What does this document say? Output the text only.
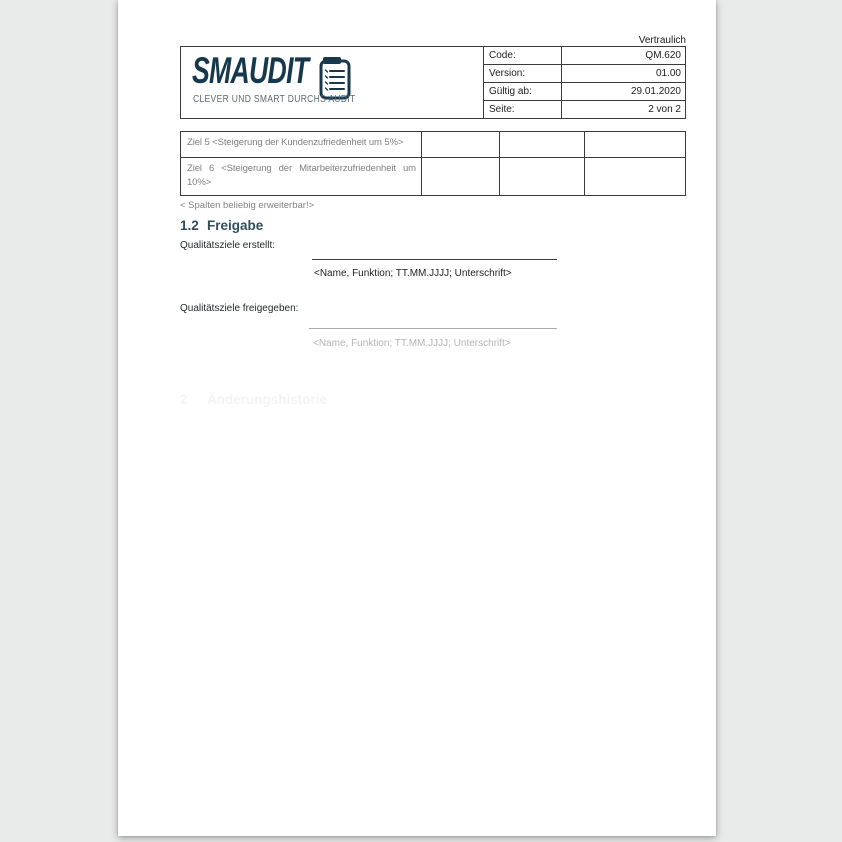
Vertraulich
SMAUDIT
CLEVER UND SMART DURCHS AUDIT
Code:	QM.620
Version:	01.00
Gültig ab:	29.01.2020
Seite:	2 von 2
Ziel 5 <Steigerung der Kundenzufriedenheit um 5%>
Ziel 6 <Steigerung der Mitarbeiterzufriedenheit um 10%>
< Spalten beliebig erweiterbar!>
1.2 Freigabe
Qualitätsziele erstellt:
<Name, Funktion; TT.MM.JJJJ; Unterschrift>
Qualitätsziele freigegeben:
<Name, Funktion; TT.MM.JJJJ; Unterschrift>
2	Änderungshistorie
